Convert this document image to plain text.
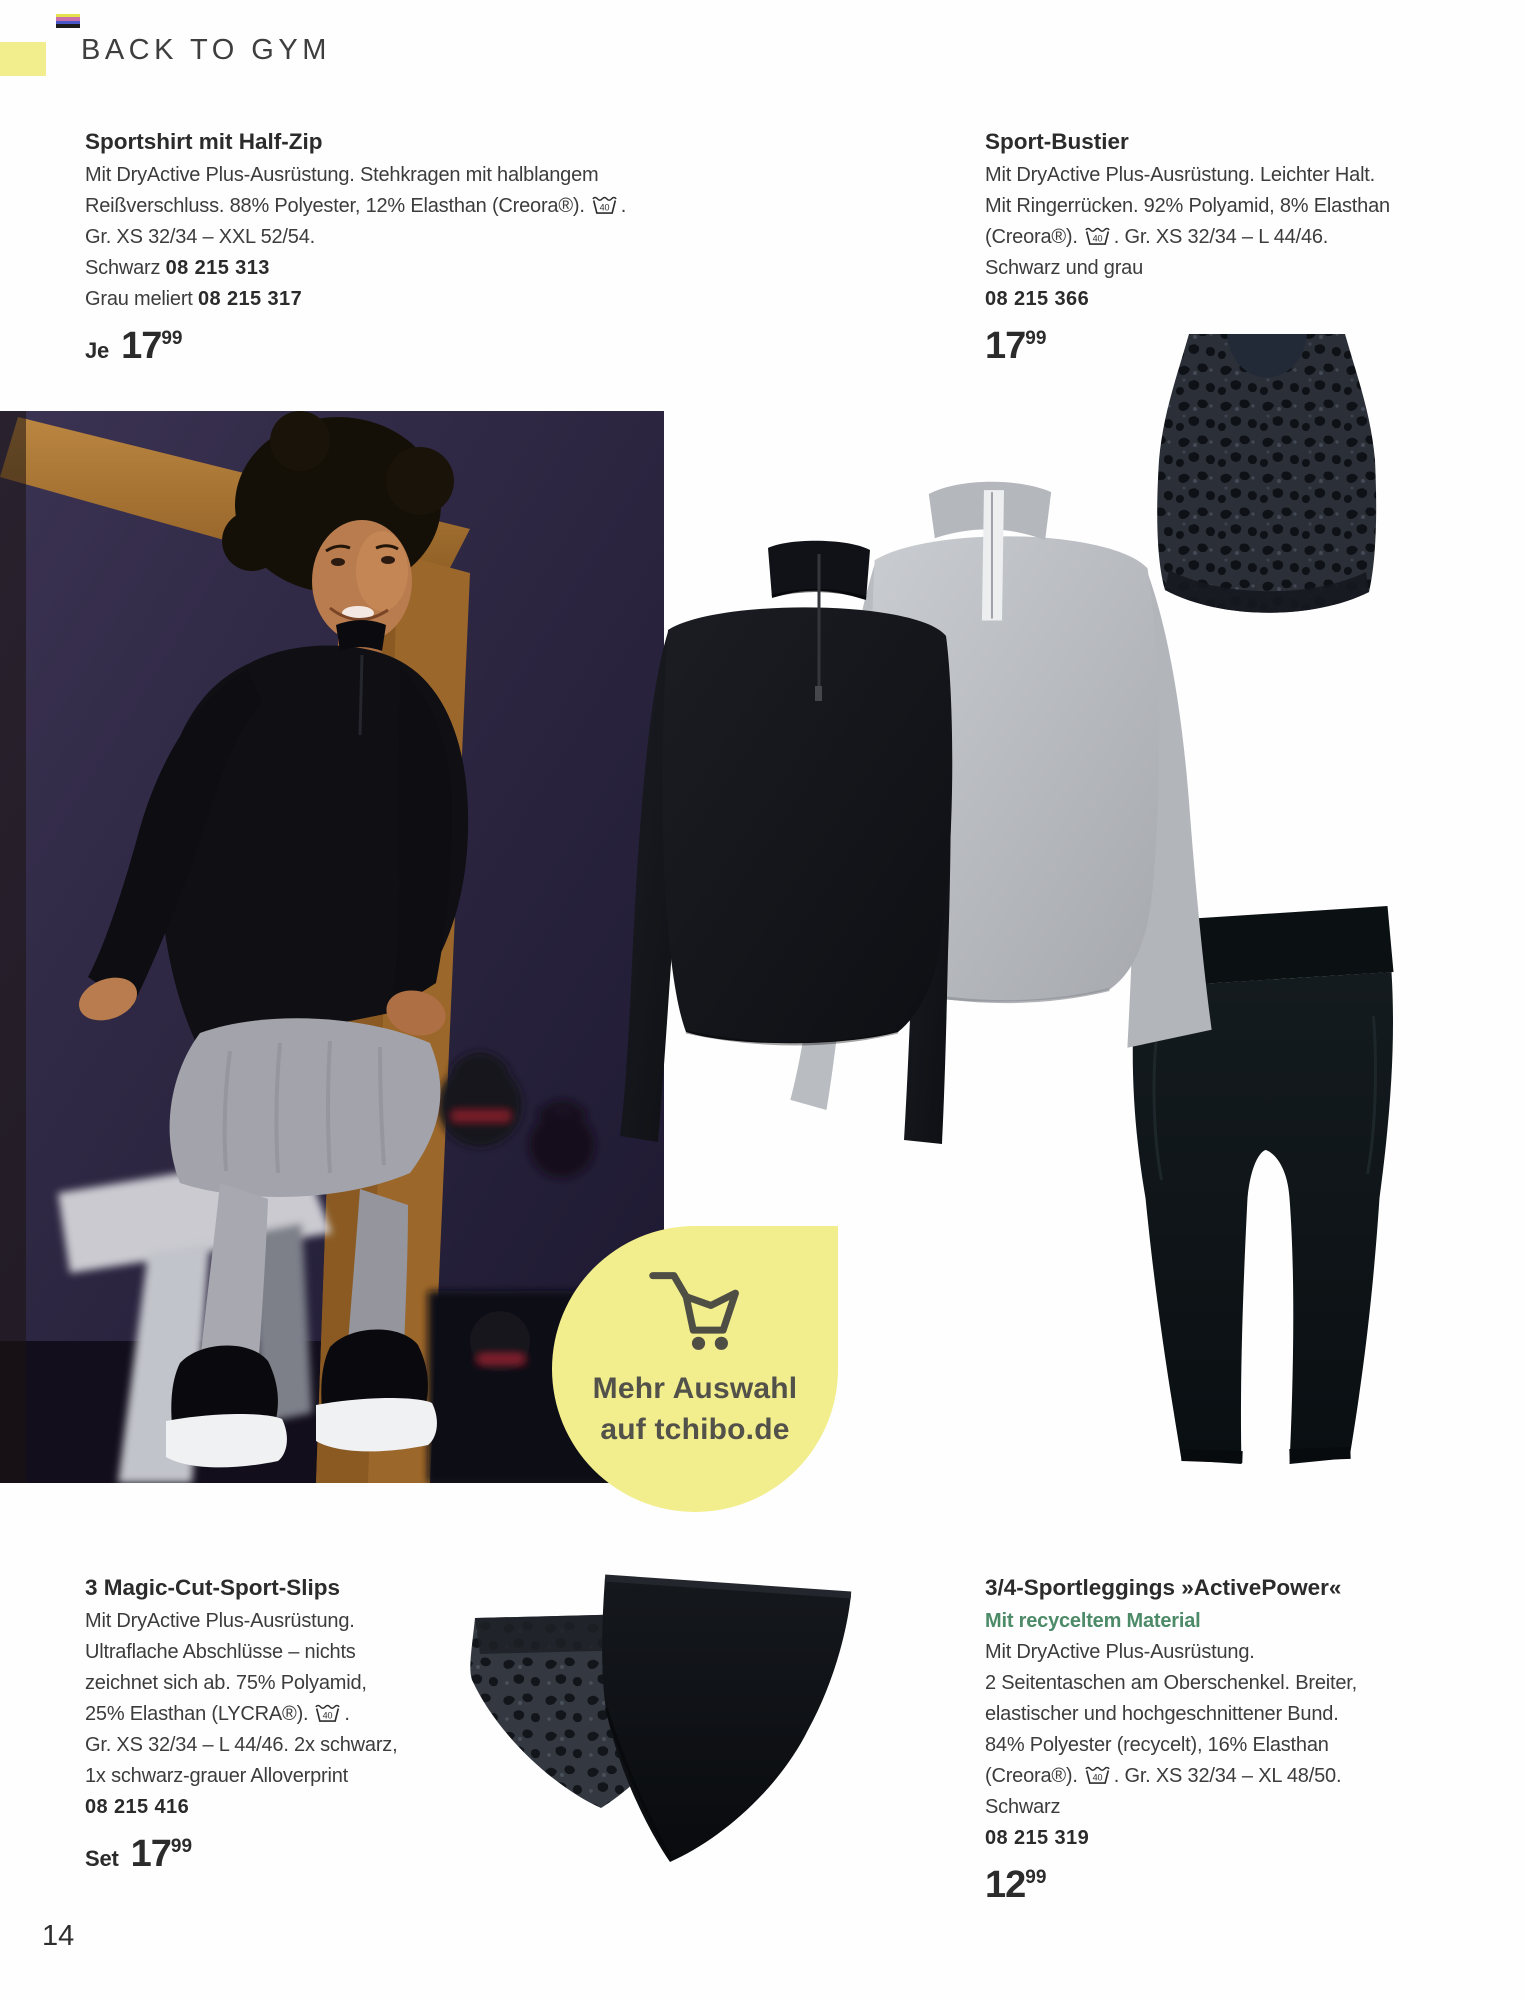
BACK TO GYM
Sportshirt mit Half-Zip
Mit DryActive Plus-Ausrüstung. Stehkragen mit halblangem
Reißverschluss. 88% Polyester, 12% Elasthan (Creora®). 40 .
Gr. XS 32/34 – XXL 52/54.
Schwarz 08 215 313
Grau meliert 08 215 317
Je 1799
Sport-Bustier
Mit DryActive Plus-Ausrüstung. Leichter Halt.
Mit Ringerrücken. 92% Polyamid, 8% Elasthan
(Creora®). 40 . Gr. XS 32/34 – L 44/46.
Schwarz und grau
08 215 366
1799
Mehr Auswahl
auf tchibo.de
3 Magic-Cut-Sport-Slips
Mit DryActive Plus-Ausrüstung.
Ultraflache Abschlüsse – nichts
zeichnet sich ab. 75% Polyamid,
25% Elasthan (LYCRA®). 40 .
Gr. XS 32/34 – L 44/46. 2x schwarz,
1x schwarz-grauer Alloverprint
08 215 416
Set 1799
3/4-Sportleggings »ActivePower«
Mit recyceltem Material
Mit DryActive Plus-Ausrüstung.
2 Seitentaschen am Oberschenkel. Breiter,
elastischer und hochgeschnittener Bund.
84% Polyester (recycelt), 16% Elasthan
(Creora®). 40 . Gr. XS 32/34 – XL 48/50.
Schwarz
08 215 319
1299
14
